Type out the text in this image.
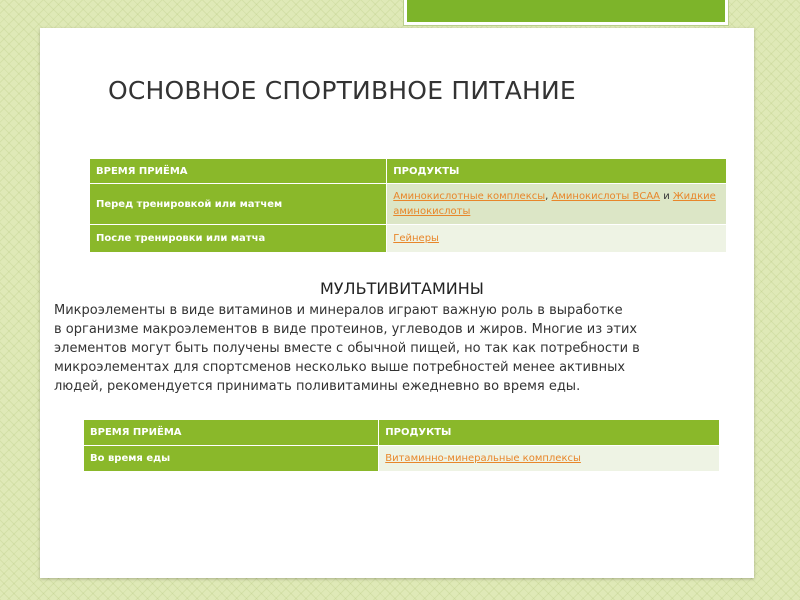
ОСНОВНОЕ СПОРТИВНОЕ ПИТАНИЕ
ВРЕМЯ ПРИЁМА	ПРОДУКТЫ
Перед тренировкой или матчем	Аминокислотные комплексы, Аминокислоты ВСАА и Жидкие аминокислоты
После тренировки или матча	Гейнеры
МУЛЬТИВИТАМИНЫ

Микроэлементы в виде витаминов и минералов играют важную роль в выработке
в организме макроэлементов в виде протеинов, углеводов и жиров. Многие из этих
элементов могут быть получены вместе с обычной пищей, но так как потребности в
микроэлементах для спортсменов несколько выше потребностей менее активных
людей, рекомендуется принимать поливитамины ежедневно во время еды.

ВРЕМЯ ПРИЁМА	ПРОДУКТЫ
Во время еды	Витаминно-минеральные комплексы
